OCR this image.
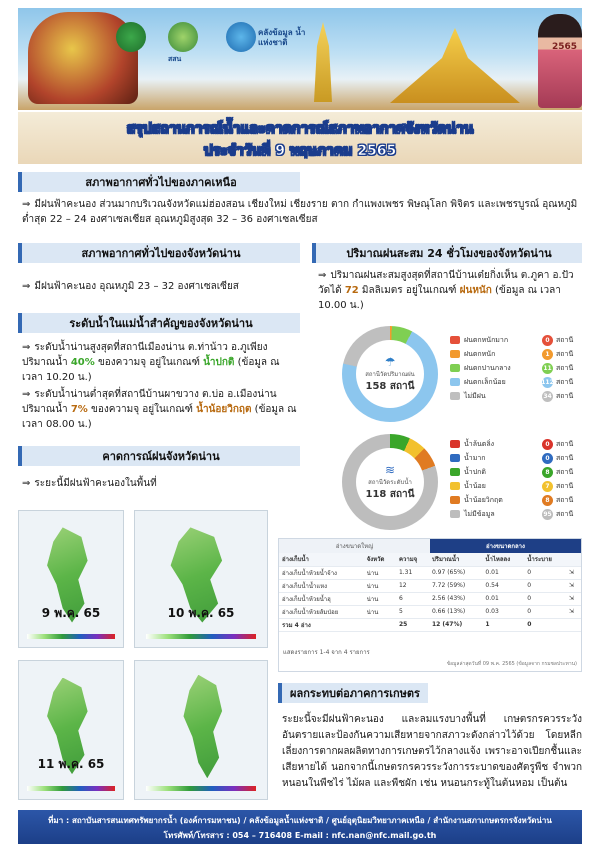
สสน
คลังข้อมูล น้ำ แห่งชาติ	2565
สรุปสถานการณ์น้ำและคาดการณ์สภาพอากาศจังหวัดน่าน
ประจำวันที่ 9 พฤษภาคม 2565
สภาพอากาศทั่วไปของภาคเหนือ
⇒ มีฝนฟ้าคะนอง ส่วนมากบริเวณจังหวัดแม่ฮ่องสอน เชียงใหม่ เชียงราย ตาก กำแพงเพชร พิษณุโลก พิจิตร และเพชรบูรณ์ อุณหภูมิต่ำสุด 22 – 24 องศาเซลเซียส อุณหภูมิสูงสุด 32 – 36 องศาเซลเซียส
สภาพอากาศทั่วไปของจังหวัดน่าน
⇒ มีฝนฟ้าคะนอง อุณหภูมิ 23 – 32 องศาเซลเซียส
ระดับน้ำในแม่น้ำสำคัญของจังหวัดน่าน
⇒ ระดับน้ำน่านสูงสุดที่สถานีเมืองน่าน ต.ท่าน้าว อ.ภูเพียง ปริมาณน้ำ 40% ของความจุ อยู่ในเกณฑ์ น้ำปกติ (ข้อมูล ณ เวลา 10.20 น.)
⇒ ระดับน้ำน่านต่ำสุดที่สถานีบ้านผาขวาง ต.บ่อ อ.เมืองน่าน ปริมาณน้ำ 7% ของความจุ อยู่ในเกณฑ์ น้ำน้อยวิกฤต (ข้อมูล ณ เวลา 08.00 น.)
คาดการณ์ฝนจังหวัดน่าน
⇒ ระยะนี้มีฝนฟ้าคะนองในพื้นที่
9 พ.ค. 65	10 พ.ค. 65
11 พ.ค. 65
ปริมาณฝนสะสม 24 ชั่วโมงของจังหวัดน่าน
⇒ ปริมาณฝนสะสมสูงสุดที่สถานีบ้านเต๋ยกิ่งเห็น ต.ภูคา อ.ปัว วัดได้ 72 มิลลิเมตร อยู่ในเกณฑ์ ฝนหนัก (ข้อมูล ณ เวลา 10.00 น.)
☂
สถานีวัดปริมาณฝน
158 สถานี
ฝนตกหนักมาก	0 สถานี
ฝนตกหนัก	1 สถานี
ฝนตกปานกลาง	11 สถานี
ฝนตกเล็กน้อย	112 สถานี
ไม่มีฝน	34 สถานี
≋
สถานีวัดระดับน้ำ
118 สถานี
น้ำล้นตลิ่ง	0 สถานี
น้ำมาก	0 สถานี
น้ำปกติ	8 สถานี
น้ำน้อย	7 สถานี
น้ำน้อยวิกฤต	8 สถานี
ไม่มีข้อมูล	95 สถานี
อ่างขนาดใหญ่	อ่างขนาดกลาง
อ่างเก็บน้ำ	จังหวัด	ความจุ	ปริมาณน้ำ	น้ำไหลลง	น้ำระบาย	
อ่างเก็บน้ำห้วยน้ำจ้าง	น่าน	1.31	0.97 (65%)	0.01	0	⇲
อ่างเก็บน้ำน้ำแหง	น่าน	12	7.72 (59%)	0.54	0	⇲
อ่างเก็บน้ำห้วยน้ำฮุ	น่าน	6	2.56 (43%)	0.01	0	⇲
อ่างเก็บน้ำห้วยส้มป่อย	น่าน	5	0.66 (13%)	0.03	0	⇲
รวม 4 อ่าง		25	12 (47%)	1	0	
แสดงรายการ 1-4 จาก 4 รายการ
ข้อมูลล่าสุดวันที่ 09 พ.ค. 2565 (ข้อมูลจาก กรมชลประทาน)
ผลกระทบต่อภาคการเกษตร
ระยะนี้จะมีฝนฟ้าคะนอง และลมแรงบางพื้นที่ เกษตรกรควรระวังอันตรายและป้องกันความเสียหายจากสภาวะดังกล่าวไว้ด้วย โดยหลีกเลี่ยงการตากผลผลิตทางการเกษตรไว้กลางแจ้ง เพราะอาจเปียกชื้นและเสียหายได้ นอกจากนี้เกษตรกรควรระวังการระบาดของศัตรูพืช จำพวกหนอนในพืชไร่ ไม้ผล และพืชผัก เช่น หนอนกระทู้ในต้นหอม เป็นต้น
ที่มา : สถาบันสารสนเทศทรัพยากรน้ำ (องค์การมหาชน) / คลังข้อมูลน้ำแห่งชาติ / ศูนย์อุตุนิยมวิทยาภาคเหนือ / สำนักงานสภาเกษตรกรจังหวัดน่าน
โทรศัพท์/โทรสาร : 054 – 716408 E-mail : nfc.nan@nfc.mail.go.th
